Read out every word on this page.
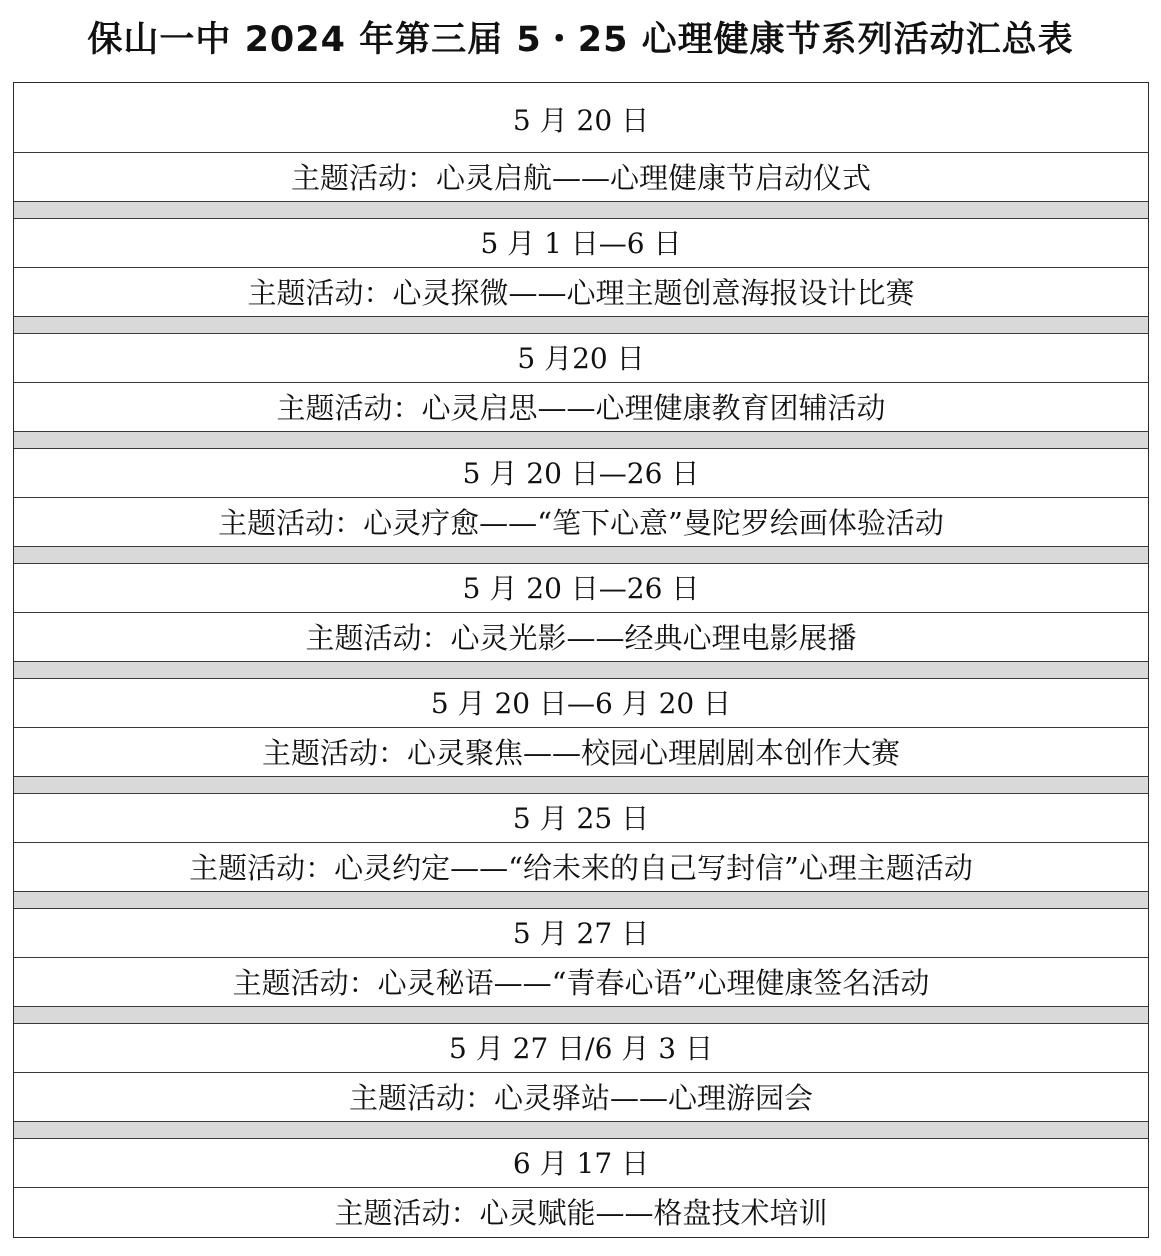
保山一中 2024 年第三届 5・25 心理健康节系列活动汇总表
5 月 20 日
主题活动：心灵启航——心理健康节启动仪式
5 月 1 日—6 日
主题活动：心灵探微——心理主题创意海报设计比赛
5 月20 日
主题活动：心灵启思——心理健康教育团辅活动
5 月 20 日—26 日
主题活动：心灵疗愈——“笔下心意”曼陀罗绘画体验活动
5 月 20 日—26 日
主题活动：心灵光影——经典心理电影展播
5 月 20 日—6 月 20 日
主题活动：心灵聚焦——校园心理剧剧本创作大赛
5 月 25 日
主题活动：心灵约定——“给未来的自己写封信”心理主题活动
5 月 27 日
主题活动：心灵秘语——“青春心语”心理健康签名活动
5 月 27 日/6 月 3 日
主题活动：心灵驿站——心理游园会
6 月 17 日
主题活动：心灵赋能——格盘技术培训
